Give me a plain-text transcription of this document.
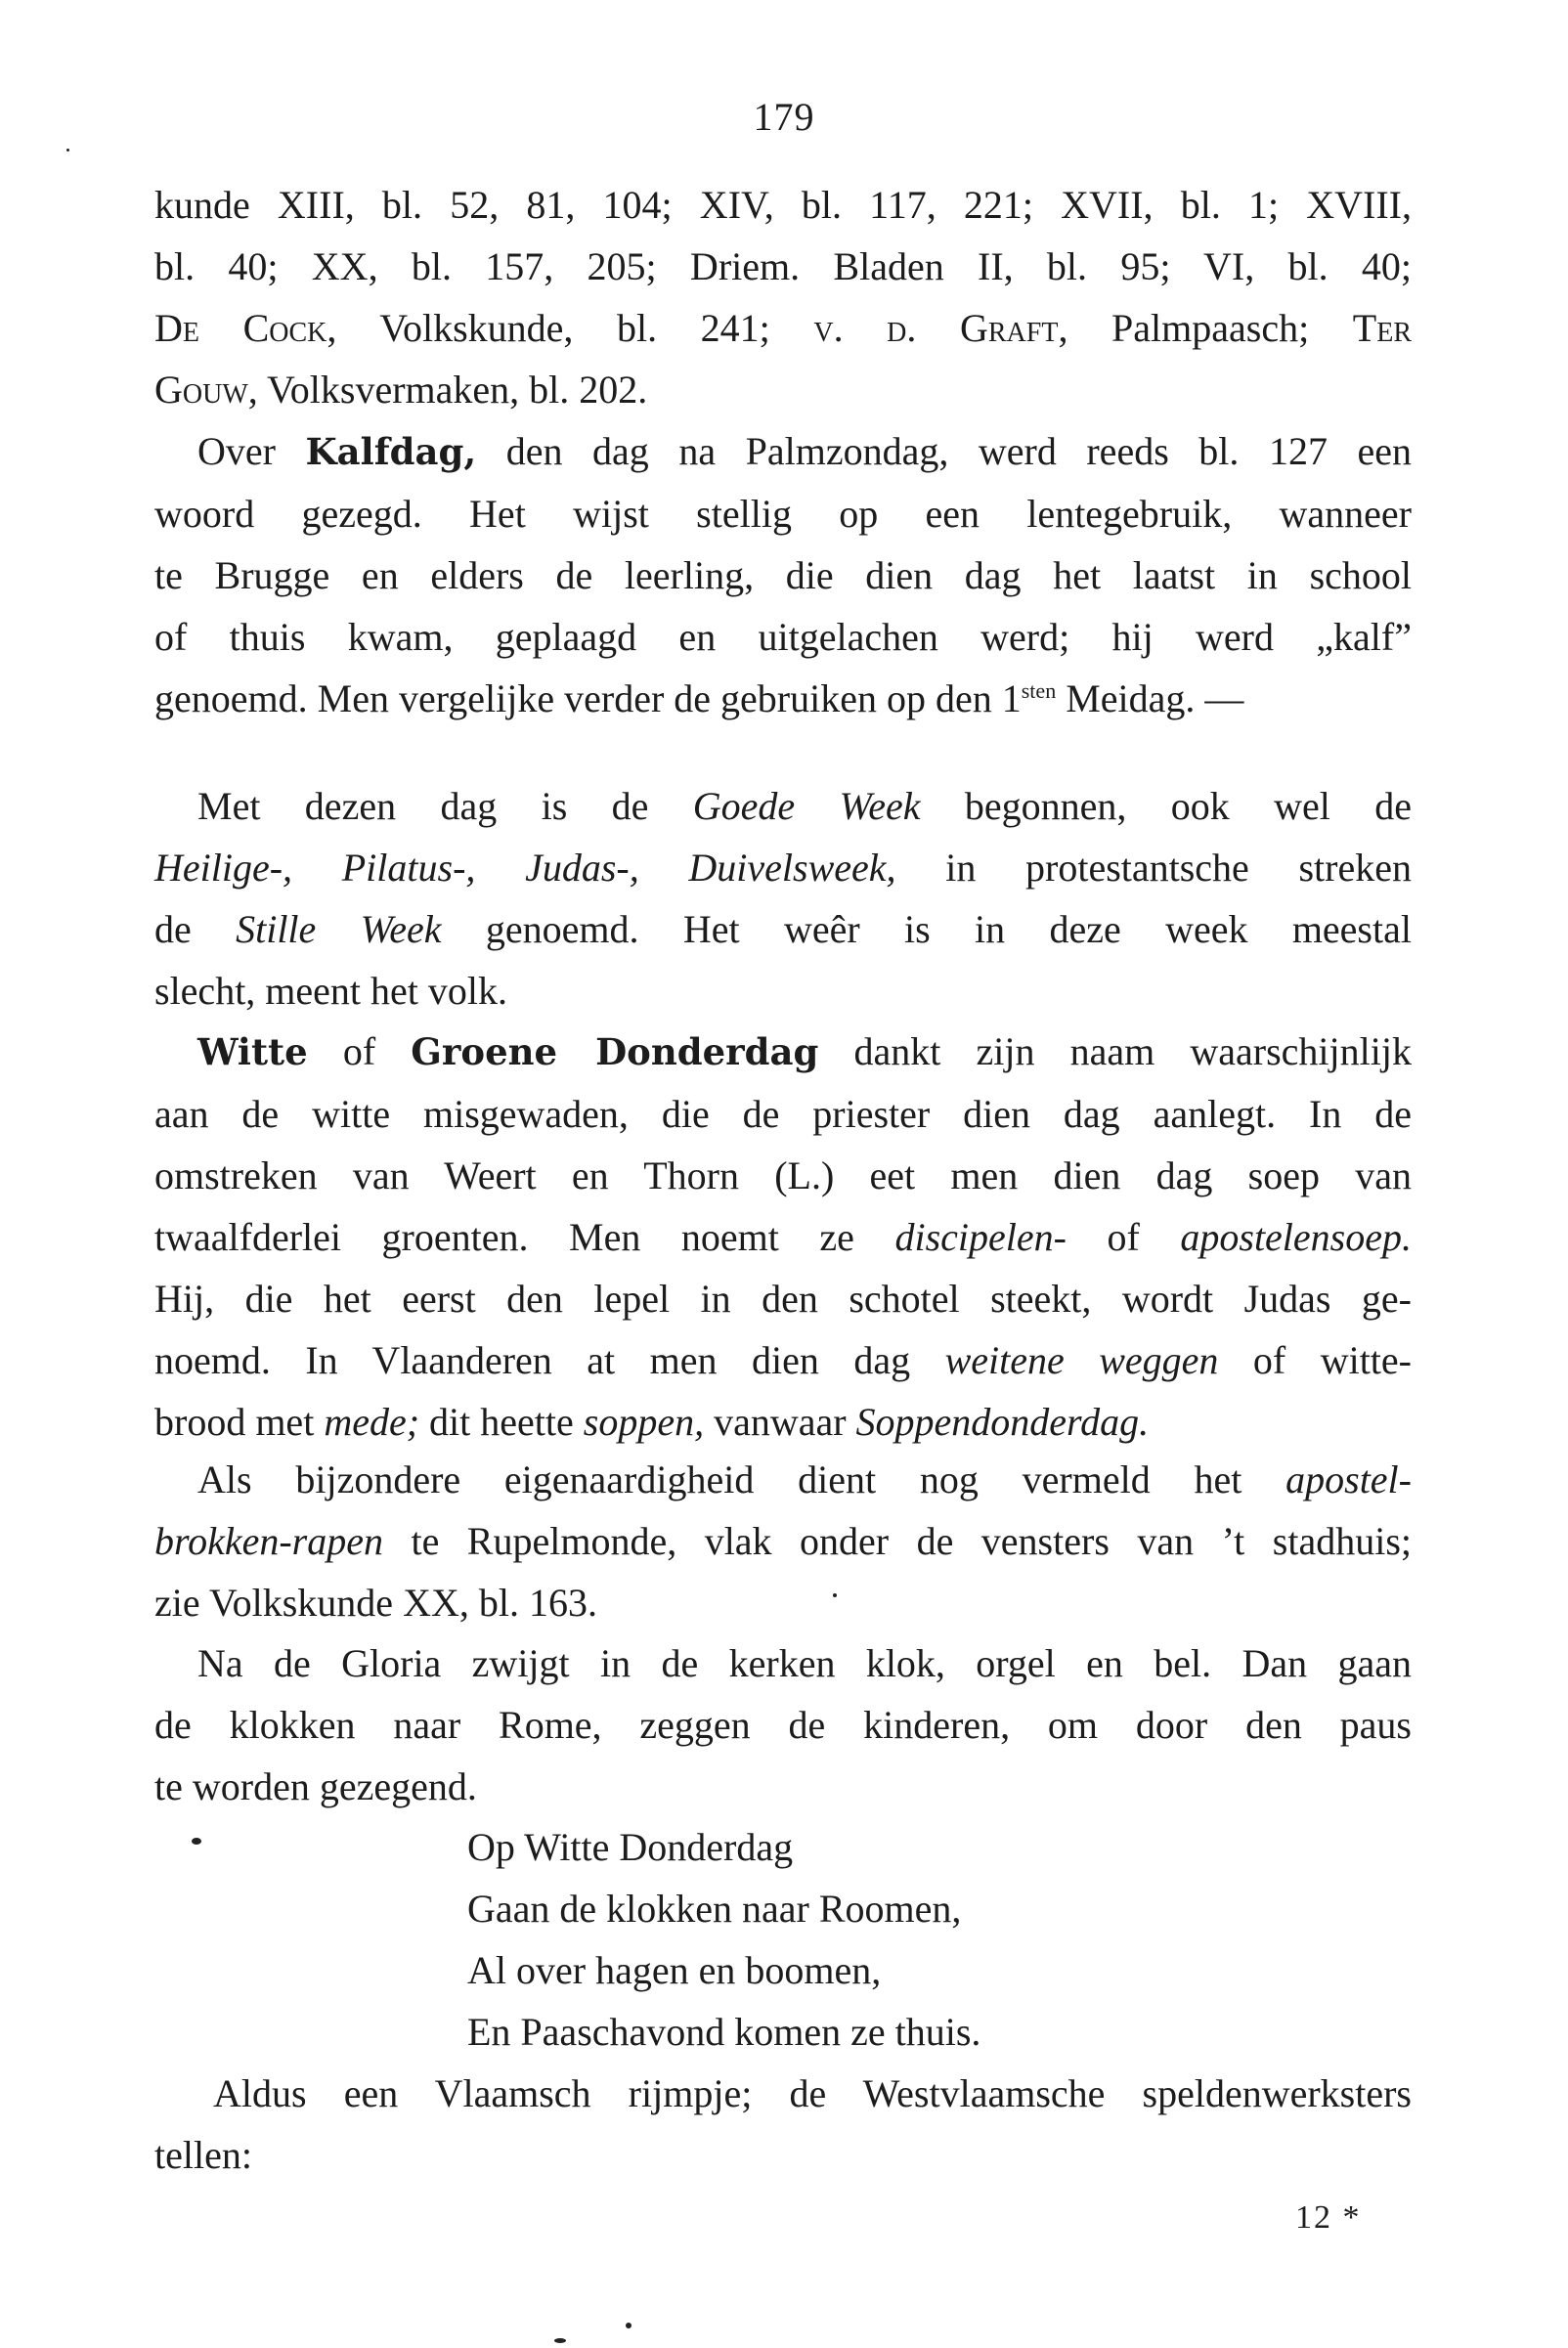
179

kunde XIII, bl. 52, 81, 104; XIV, bl. 117, 221; XVII, bl. 1; XVIII,
bl. 40; XX, bl. 157, 205; Driem. Bladen II, bl. 95; VI, bl. 40;
De Cock, Volkskunde, bl. 241; v. d. Graft, Palmpaasch; Ter
Gouw, Volksvermaken, bl. 202.

Over Kalfdag, den dag na Palmzondag, werd reeds bl. 127 een
woord gezegd. Het wijst stellig op een lentegebruik, wanneer
te Brugge en elders de leerling, die dien dag het laatst in school
of thuis kwam, geplaagd en uitgelachen werd; hij werd „kalf”
genoemd. Men vergelijke verder de gebruiken op den $1^{sten}$ Meidag. —

Met dezen dag is de Goede Week begonnen, ook wel de
Heilige-, Pilatus-, Judas-, Duivelsweek, in protestantsche streken
de Stille Week genoemd. Het weêr is in deze week meestal
slecht, meent het volk.

Witte of Groene Donderdag dankt zijn naam waarschijnlijk
aan de witte misgewaden, die de priester dien dag aanlegt. In de
omstreken van Weert en Thorn (L.) eet men dien dag soep van
twaalfderlei groenten. Men noemt ze discipelen- of apostelensoep.
Hij, die het eerst den lepel in den schotel steekt, wordt Judas ge-
noemd. In Vlaanderen at men dien dag weitene weggen of witte-
brood met mede; dit heette soppen, vanwaar Soppendonderdag.

Als bijzondere eigenaardigheid dient nog vermeld het apostel-
brokken-rapen te Rupelmonde, vlak onder de vensters van ’t stadhuis;
zie Volkskunde XX, bl. 163.

Na de Gloria zwijgt in de kerken klok, orgel en bel. Dan gaan
de klokken naar Rome, zeggen de kinderen, om door den paus
te worden gezegend.

Op Witte Donderdag
Gaan de klokken naar Roomen,
Al over hagen en boomen,
En Paaschavond komen ze thuis.

Aldus een Vlaamsch rijmpje; de Westvlaamsche speldenwerksters
tellen:

12 *
